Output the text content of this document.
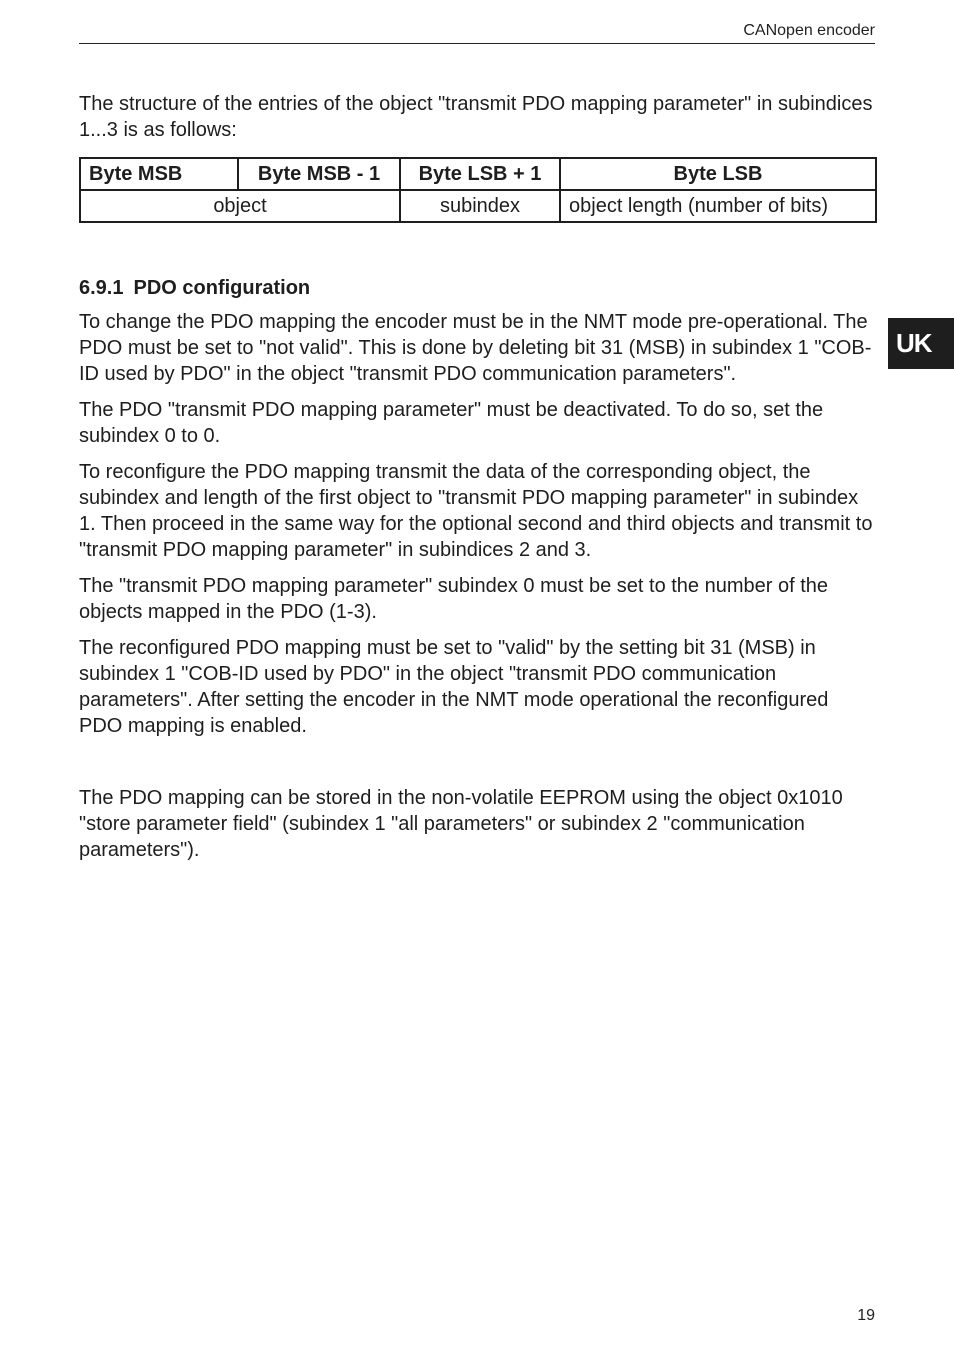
CANopen encoder

The structure of the entries of the object "transmit PDO mapping parameter" in subindices 1...3 is as follows:

Byte MSB	Byte MSB - 1	Byte LSB + 1	Byte LSB
object		subindex	object length (number of bits)
6.9.1 PDO configuration

To change the PDO mapping the encoder must be in the NMT mode pre-operational. The PDO must be set to "not valid". This is done by deleting bit 31 (MSB) in subindex 1 "COB-ID used by PDO" in the object "transmit PDO communication parameters".

The PDO "transmit PDO mapping parameter" must be deactivated. To do so, set the subindex 0 to 0.

To reconfigure the PDO mapping transmit the data of the corresponding object, the subindex and length of the first object to "transmit PDO mapping parameter" in subindex 1. Then proceed in the same way for the optional second and third objects and transmit to "transmit PDO mapping parameter" in subindices 2 and 3.

The "transmit PDO mapping parameter" subindex 0 must be set to the number of the objects mapped in the PDO (1-3).

The reconfigured PDO mapping must be set to "valid" by the setting bit 31 (MSB) in subindex 1 "COB-ID used by PDO" in the object "transmit PDO communication parameters". After setting the encoder in the NMT mode operational the reconfigured PDO mapping is enabled.

The PDO mapping can be stored in the non-volatile EEPROM using the object 0x1010 "store parameter field" (subindex 1 "all parameters" or subindex 2 "communication parameters").

UK
19
